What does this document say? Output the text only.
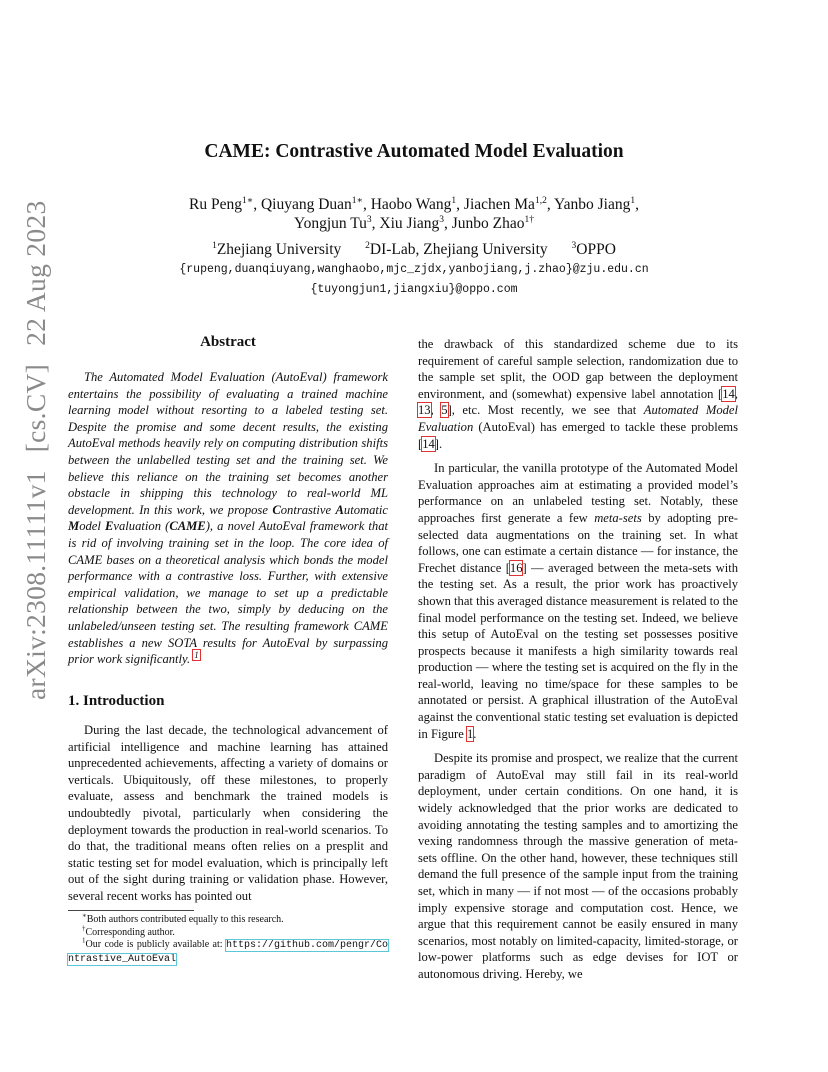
arXiv:2308.11111v1[cs.CV]22 Aug 2023
CAME: Contrastive Automated Model Evaluation
Ru Peng$^{1∗}$, Qiuyang Duan$^{1∗}$, Haobo Wang$^1$, Jiachen Ma$^{1,2}$, Yanbo Jiang$^1$,
Yongjun Tu$^3$, Xiu Jiang$^3$, Junbo Zhao$^{1\dagger}$
$^1$Zhejiang University	$^2$DI-Lab, Zhejiang University	$^3$OPPO
{rupeng,duanqiuyang,wanghaobo,mjc_zjdx,yanbojiang,j.zhao}@zju.edu.cn
{tuyongjun1,jiangxiu}@oppo.com
Abstract

The Automated Model Evaluation (AutoEval) framework entertains the possibility of evaluating a trained machine learning model without resorting to a labeled testing set. Despite the promise and some decent results, the existing AutoEval methods heavily rely on computing distribution shifts between the unlabelled testing set and the training set. We believe this reliance on the training set becomes another obstacle in shipping this technology to real-world ML development. In this work, we propose Contrastive Automatic Model Evaluation (CAME), a novel AutoEval framework that is rid of involving training set in the loop. The core idea of CAME bases on a theoretical analysis which bonds the model performance with a contrastive loss. Further, with extensive empirical validation, we manage to set up a predictable relationship between the two, simply by deducing on the unlabeled/unseen testing set. The resulting framework CAME establishes a new SOTA results for AutoEval by surpassing prior work significantly. $^1$

1. Introduction

During the last decade, the technological advancement of artificial intelligence and machine learning has attained unprecedented achievements, affecting a variety of domains or verticals. Ubiquitously, off these milestones, to properly evaluate, assess and benchmark the trained models is undoubtedly pivotal, particularly when considering the deployment towards the production in real-world scenarios. To do that, the traditional means often relies on a presplit and static testing set for model evaluation, which is principally left out of the sight during training or validation phase. However, several recent works has pointed out

∗Both authors contributed equally to this research.
†Corresponding author.
$^1$Our code is publicly available at: https://github.com/pengr/Contrastive_AutoEval

the drawback of this standardized scheme due to its requirement of careful sample selection, randomization due to the sample set split, the OOD gap between the deployment environment, and (somewhat) expensive label annotation [14, 13, 5], etc. Most recently, we see that Automated Model Evaluation (AutoEval) has emerged to tackle these problems [14].

In particular, the vanilla prototype of the Automated Model Evaluation approaches aim at estimating a provided model’s performance on an unlabeled testing set. Notably, these approaches first generate a few meta-sets by adopting pre-selected data augmentations on the training set. In what follows, one can estimate a certain distance — for instance, the Frechet distance [16] — averaged between the meta-sets with the testing set. As a result, the prior work has proactively shown that this averaged distance measurement is related to the final model performance on the testing set. Indeed, we believe this setup of AutoEval on the testing set possesses positive prospects because it manifests a high similarity towards real production — where the testing set is acquired on the fly in the real-world, leaving no time/space for these samples to be annotated or persist. A graphical illustration of the AutoEval against the conventional static testing set evaluation is depicted in Figure 1.

Despite its promise and prospect, we realize that the current paradigm of AutoEval may still fail in its real-world deployment, under certain conditions. On one hand, it is widely acknowledged that the prior works are dedicated to avoiding annotating the testing samples and to amortizing the vexing randomness through the massive generation of meta-sets offline. On the other hand, however, these techniques still demand the full presence of the sample input from the training set, which in many — if not most — of the occasions probably imply expensive storage and computation cost. Hence, we argue that this requirement cannot be easily ensured in many scenarios, most notably on limited-capacity, limited-storage, or low-power platforms such as edge devises for IOT or autonomous driving. Hereby, we
